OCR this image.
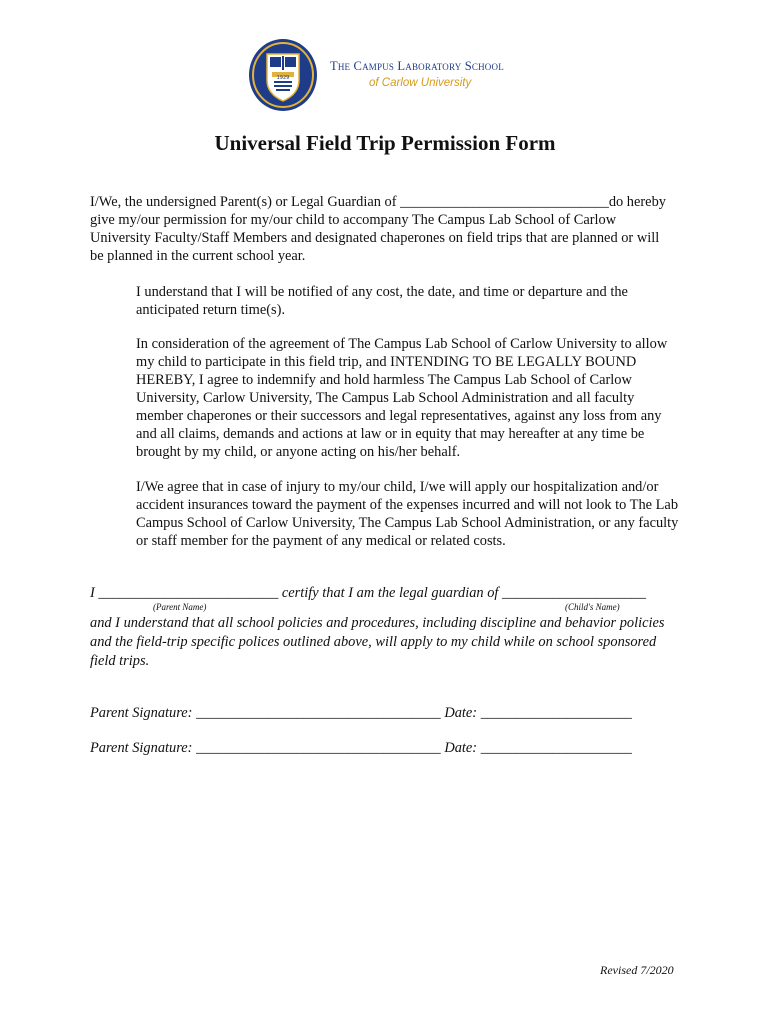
1929
The Campus Laboratory School
of Carlow University
Universal Field Trip Permission Form
I/We, the undersigned Parent(s) or Legal Guardian of _____________________________do hereby give my/our permission for my/our child to accompany The Campus Lab School of Carlow University Faculty/Staff Members and designated chaperones on field trips that are planned or will be planned in the current school year.
I understand that I will be notified of any cost, the date, and time or departure and the anticipated return time(s).
In consideration of the agreement of The Campus Lab School of Carlow University to allow my child to participate in this field trip, and INTENDING TO BE LEGALLY BOUND HEREBY, I agree to indemnify and hold harmless The Campus Lab School of Carlow University, Carlow University, The Campus Lab School Administration and all faculty member chaperones or their successors and legal representatives, against any loss from any and all claims, demands and actions at law or in equity that may hereafter at any time be brought by my child, or anyone acting on his/her behalf.
I/We agree that in case of injury to my/our child, I/we will apply our hospitalization and/or accident insurances toward the payment of the expenses incurred and will not look to The Lab Campus School of Carlow University, The Campus Lab School Administration, or any faculty or staff member for the payment of any medical or related costs.
I _________________________ certify that I am the legal guardian of ____________________
(Parent Name)	(Child's Name)
and I understand that all school policies and procedures, including discipline and behavior policies and the field-trip specific polices outlined above, will apply to my child while on school sponsored field trips.
Parent Signature: __________________________________ Date: _____________________
Parent Signature: __________________________________ Date: _____________________
Revised 7/2020
